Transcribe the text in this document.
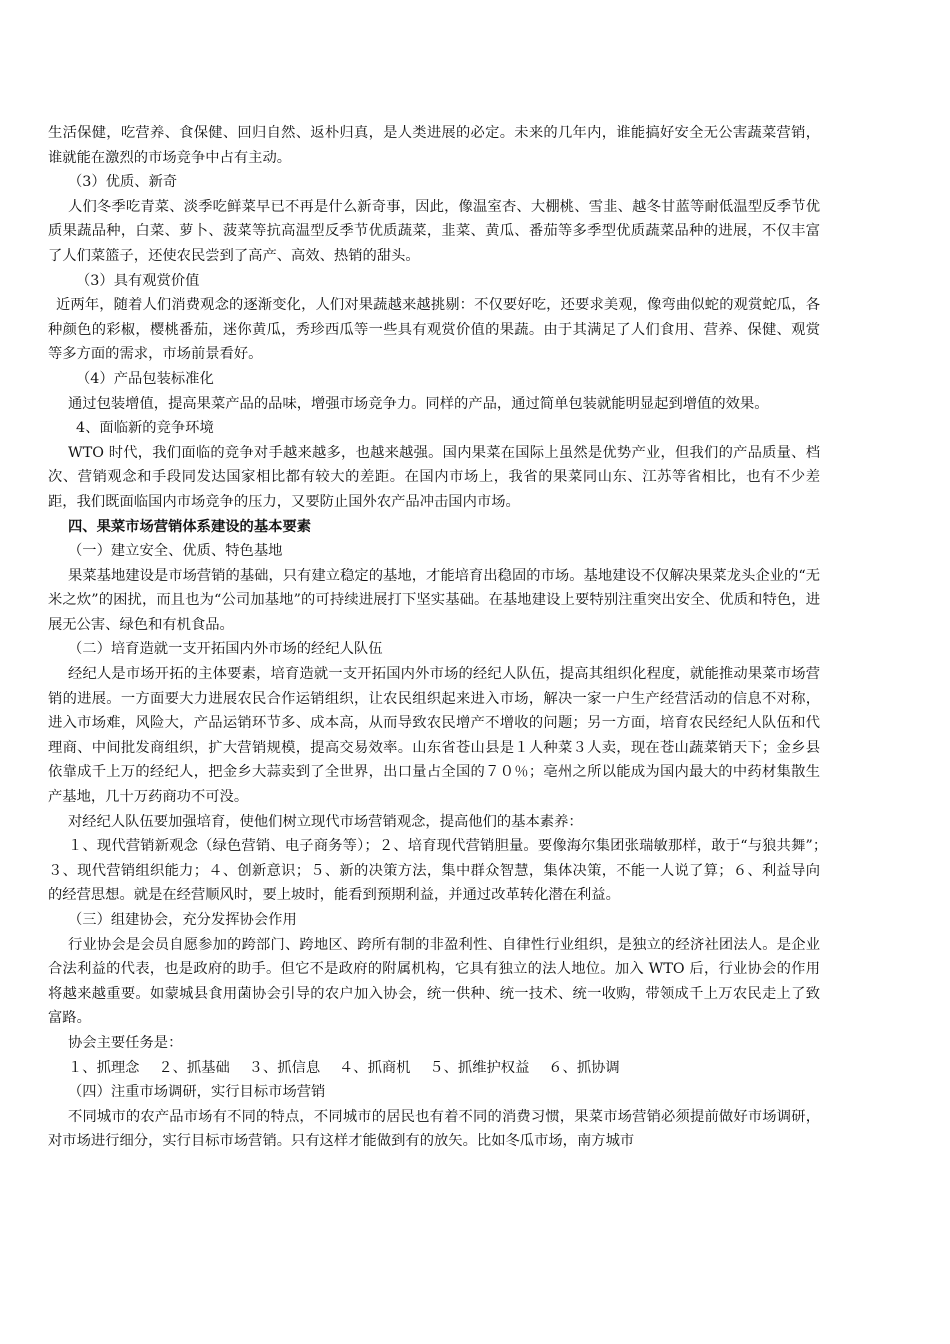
生活保健，吃营养、食保健、回归自然、返朴归真，是人类进展的必定。未来的几年内，谁能搞好安全无公害蔬菜营销，谁就能在激烈的市场竞争中占有主动。

（3）优质、新奇

人们冬季吃青菜、淡季吃鲜菜早已不再是什么新奇事，因此，像温室杏、大棚桃、雪韭、越冬甘蓝等耐低温型反季节优质果蔬品种，白菜、萝卜、菠菜等抗高温型反季节优质蔬菜，韭菜、黄瓜、番茄等多季型优质蔬菜品种的进展，不仅丰富了人们菜篮子，还使农民尝到了高产、高效、热销的甜头。

（3）具有观赏价值

近两年，随着人们消费观念的逐渐变化，人们对果蔬越来越挑剔：不仅要好吃，还要求美观，像弯曲似蛇的观赏蛇瓜，各种颜色的彩椒，樱桃番茄，迷你黄瓜，秀珍西瓜等一些具有观赏价值的果蔬。由于其满足了人们食用、营养、保健、观赏等多方面的需求，市场前景看好。

（4）产品包装标准化

通过包装增值，提高果菜产品的品味，增强市场竞争力。同样的产品，通过简单包装就能明显起到增值的效果。

4、面临新的竞争环境

WTO 时代，我们面临的竞争对手越来越多，也越来越强。国内果菜在国际上虽然是优势产业，但我们的产品质量、档次、营销观念和手段同发达国家相比都有较大的差距。在国内市场上，我省的果菜同山东、江苏等省相比，也有不少差距，我们既面临国内市场竞争的压力，又要防止国外农产品冲击国内市场。

四、果菜市场营销体系建设的基本要素

（一）建立安全、优质、特色基地

果菜基地建设是市场营销的基础，只有建立稳定的基地，才能培育出稳固的市场。基地建设不仅解决果菜龙头企业的“无米之炊”的困扰，而且也为“公司加基地”的可持续进展打下坚实基础。在基地建设上要特别注重突出安全、优质和特色，进展无公害、绿色和有机食品。

（二）培育造就一支开拓国内外市场的经纪人队伍

经纪人是市场开拓的主体要素，培育造就一支开拓国内外市场的经纪人队伍，提高其组织化程度，就能推动果菜市场营销的进展。一方面要大力进展农民合作运销组织，让农民组织起来进入市场，解决一家一户生产经营活动的信息不对称，进入市场难，风险大，产品运销环节多、成本高，从而导致农民增产不增收的问题；另一方面，培育农民经纪人队伍和代理商、中间批发商组织，扩大营销规模，提高交易效率。山东省苍山县是１人种菜３人卖，现在苍山蔬菜销天下；金乡县依靠成千上万的经纪人，把金乡大蒜卖到了全世界，出口量占全国的７０％；亳州之所以能成为国内最大的中药材集散生产基地，几十万药商功不可没。

对经纪人队伍要加强培育，使他们树立现代市场营销观念，提高他们的基本素养：

１、现代营销新观念（绿色营销、电子商务等）；２、培育现代营销胆量。要像海尔集团张瑞敏那样，敢于“与狼共舞”；　 ３、现代营销组织能力；４、创新意识；５、新的决策方法，集中群众智慧，集体决策，不能一人说了算；６、利益导向的经营思想。就是在经营顺风时，要上坡时，能看到预期利益，并通过改革转化潜在利益。

（三）组建协会，充分发挥协会作用

行业协会是会员自愿参加的跨部门、跨地区、跨所有制的非盈利性、自律性行业组织，是独立的经济社团法人。是企业合法利益的代表，也是政府的助手。但它不是政府的附属机构，它具有独立的法人地位。加入 WTO 后，行业协会的作用将越来越重要。如蒙城县食用菌协会引导的农户加入协会，统一供种、统一技术、统一收购，带领成千上万农民走上了致富路。

协会主要任务是：

１、抓理念　 ２、抓基础　 ３、抓信息　 ４、抓商机　 ５、抓维护权益　 ６、抓协调

（四）注重市场调研，实行目标市场营销

不同城市的农产品市场有不同的特点，不同城市的居民也有着不同的消费习惯，果菜市场营销必须提前做好市场调研，对市场进行细分，实行目标市场营销。只有这样才能做到有的放矢。比如冬瓜市场，南方城市
